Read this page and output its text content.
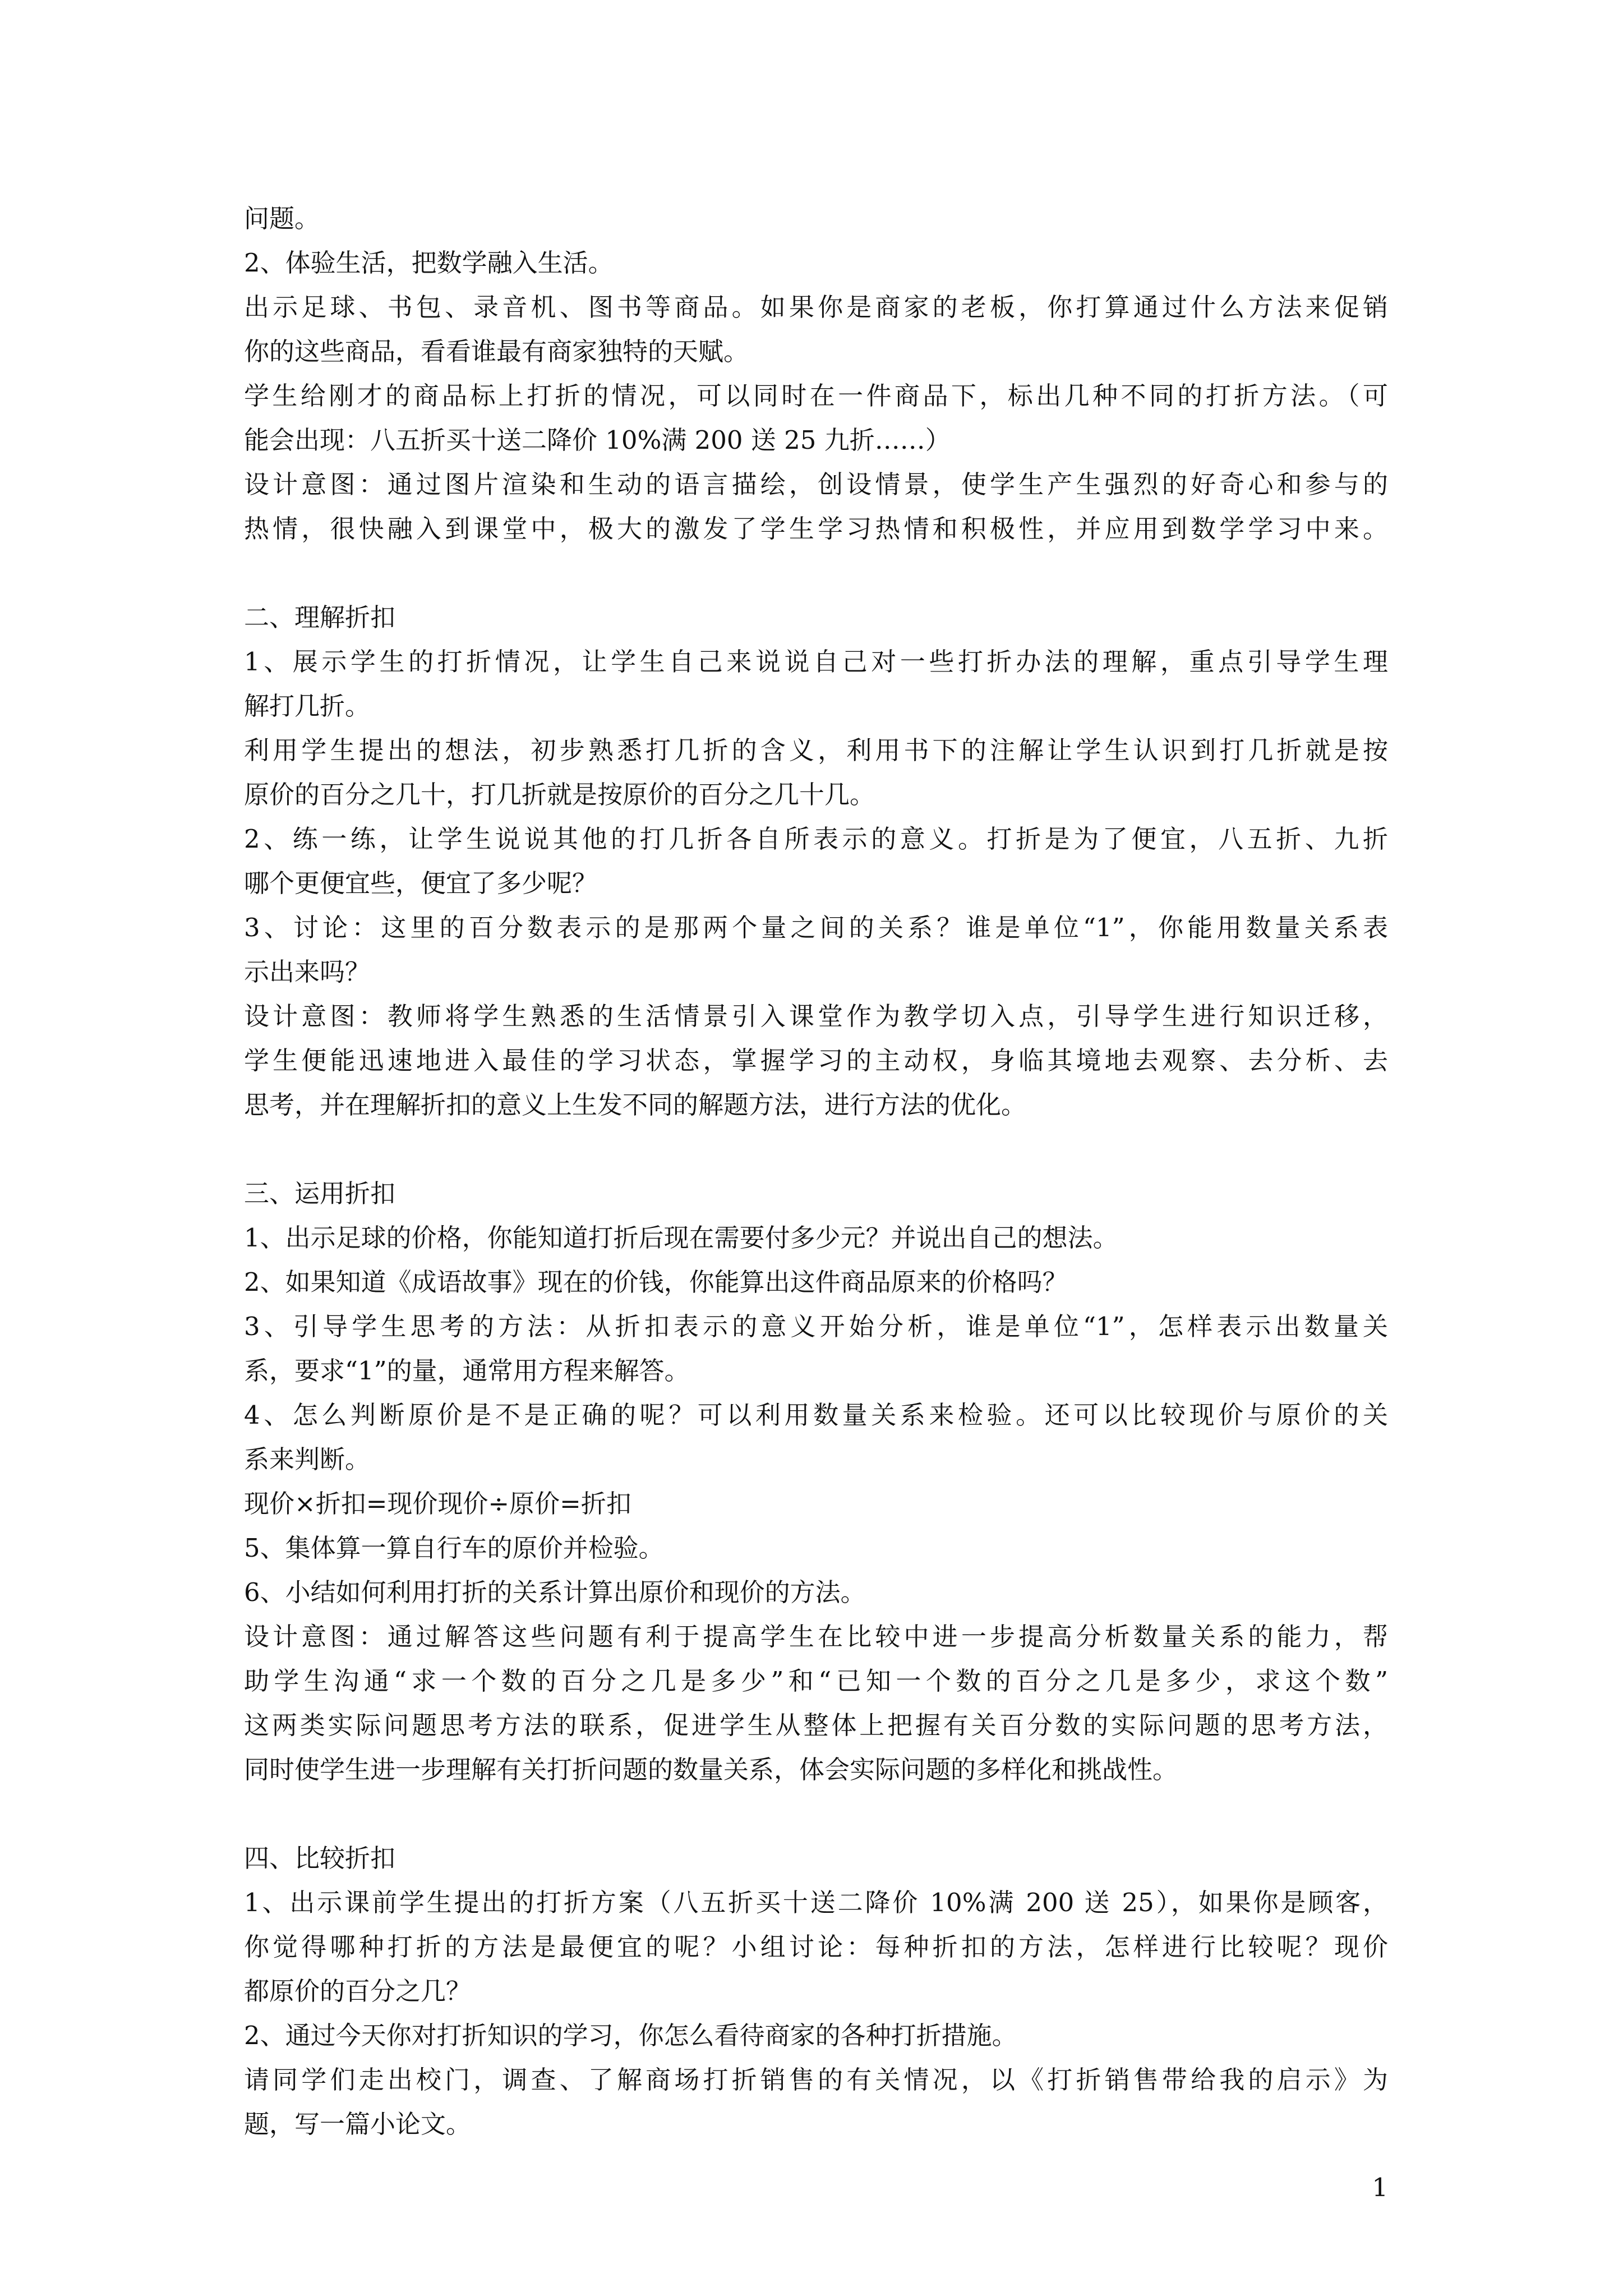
问题。
2、体验生活，把数学融入生活。
出示足球、书包、录音机、图书等商品。如果你是商家的老板，你打算通过什么方法来促销
你的这些商品，看看谁最有商家独特的天赋。
学生给刚才的商品标上打折的情况，可以同时在一件商品下，标出几种不同的打折方法。（可
能会出现：八五折买十送二降价 10%满 200 送 25 九折……）
设计意图：通过图片渲染和生动的语言描绘，创设情景，使学生产生强烈的好奇心和参与的
热情，很快融入到课堂中，极大的激发了学生学习热情和积极性，并应用到数学学习中来。
二、理解折扣
1、展示学生的打折情况，让学生自己来说说自己对一些打折办法的理解，重点引导学生理
解打几折。
利用学生提出的想法，初步熟悉打几折的含义，利用书下的注解让学生认识到打几折就是按
原价的百分之几十，打几折就是按原价的百分之几十几。
2、练一练，让学生说说其他的打几折各自所表示的意义。打折是为了便宜，八五折、九折
哪个更便宜些，便宜了多少呢？
3、讨论：这里的百分数表示的是那两个量之间的关系？谁是单位“1”，你能用数量关系表
示出来吗？
设计意图：教师将学生熟悉的生活情景引入课堂作为教学切入点，引导学生进行知识迁移，
学生便能迅速地进入最佳的学习状态，掌握学习的主动权，身临其境地去观察、去分析、去
思考，并在理解折扣的意义上生发不同的解题方法，进行方法的优化。
三、运用折扣
1、出示足球的价格，你能知道打折后现在需要付多少元？并说出自己的想法。
2、如果知道《成语故事》现在的价钱，你能算出这件商品原来的价格吗？
3、引导学生思考的方法：从折扣表示的意义开始分析，谁是单位“1”，怎样表示出数量关
系，要求“1”的量，通常用方程来解答。
4、怎么判断原价是不是正确的呢？可以利用数量关系来检验。还可以比较现价与原价的关
系来判断。
现价×折扣=现价现价÷原价=折扣
5、集体算一算自行车的原价并检验。
6、小结如何利用打折的关系计算出原价和现价的方法。
设计意图：通过解答这些问题有利于提高学生在比较中进一步提高分析数量关系的能力，帮
助学生沟通“求一个数的百分之几是多少”和“已知一个数的百分之几是多少，求这个数”
这两类实际问题思考方法的联系，促进学生从整体上把握有关百分数的实际问题的思考方法，
同时使学生进一步理解有关打折问题的数量关系，体会实际问题的多样化和挑战性。
四、比较折扣
1、出示课前学生提出的打折方案（八五折买十送二降价 10%满 200 送 25），如果你是顾客，
你觉得哪种打折的方法是最便宜的呢？小组讨论：每种折扣的方法，怎样进行比较呢？现价
都原价的百分之几？
2、通过今天你对打折知识的学习，你怎么看待商家的各种打折措施。
请同学们走出校门，调查、了解商场打折销售的有关情况，以《打折销售带给我的启示》为
题，写一篇小论文。
1
